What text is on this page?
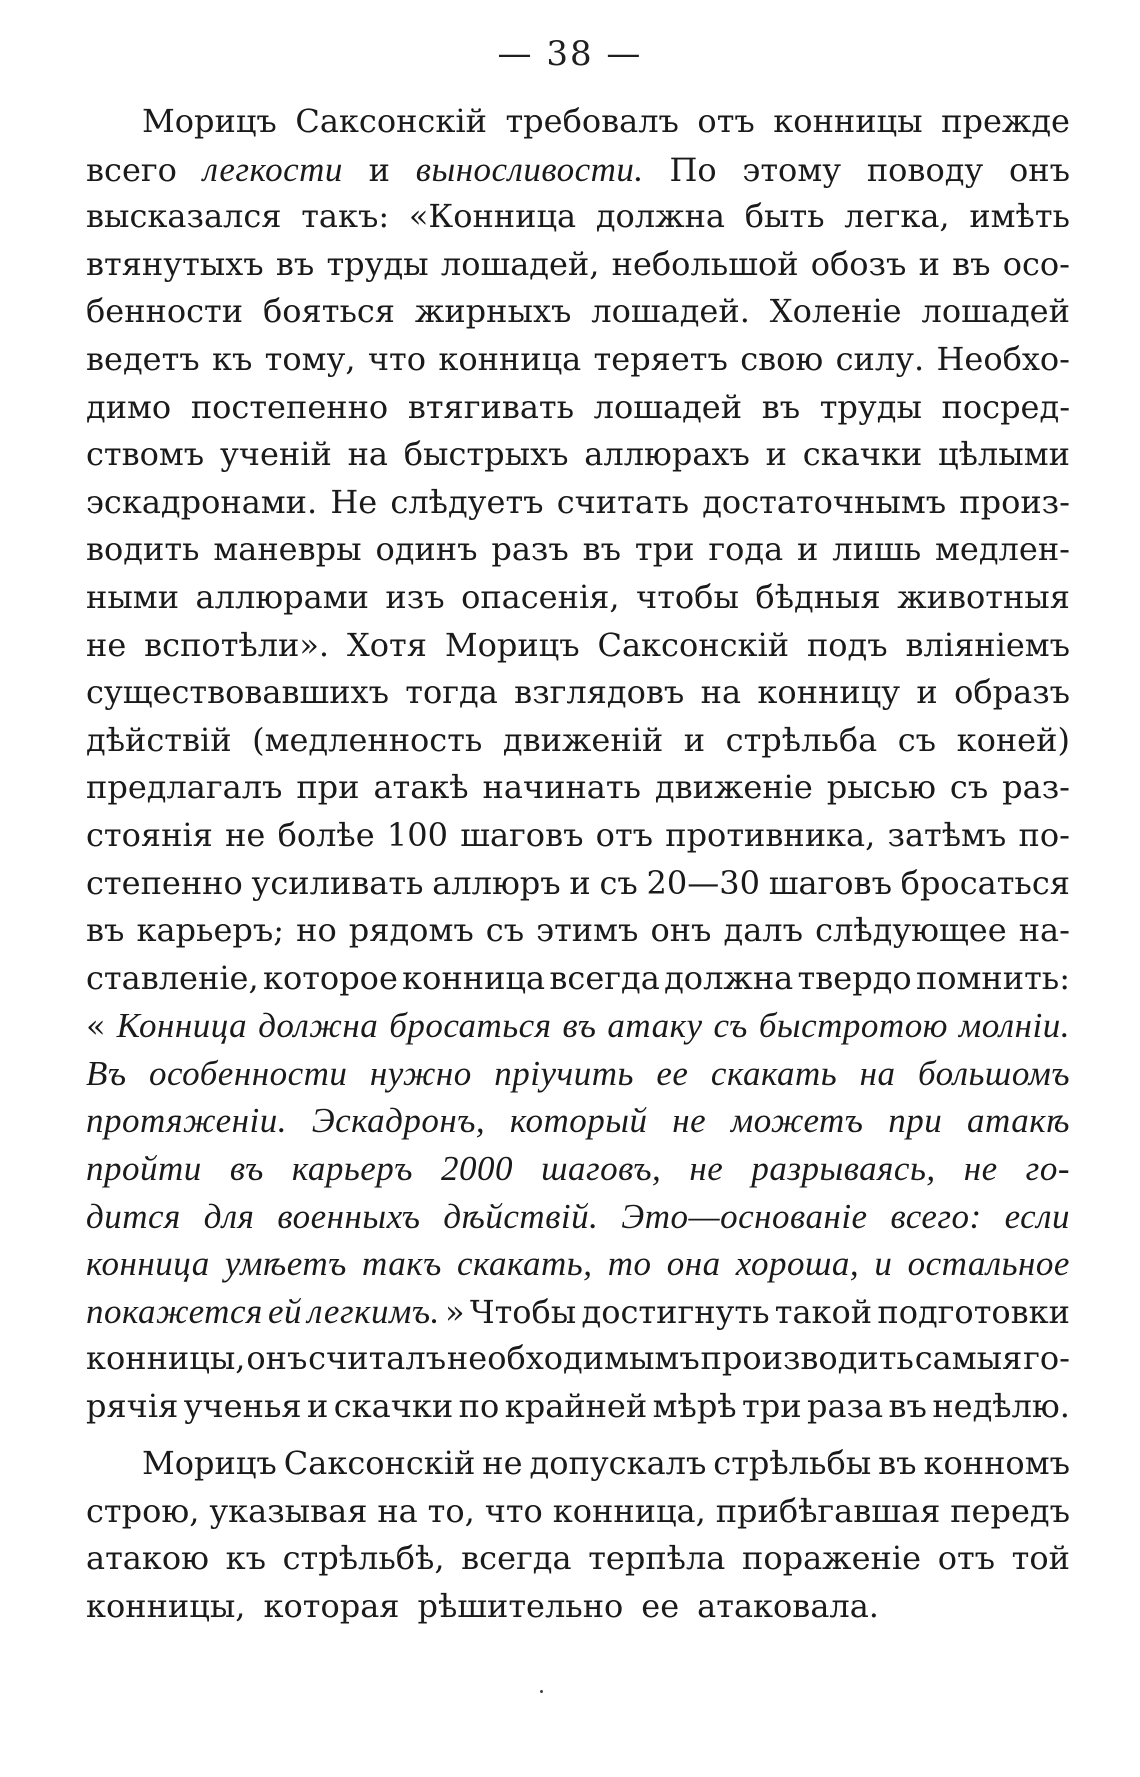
— 38 —
Морицъ Саксонскій требовалъ отъ конницы прежде
всего легкости и выносливости. По этому поводу онъ
высказался такъ: «Конница должна быть легка, имѣть
втянутыхъ въ труды лошадей, небольшой обозъ и въ осо-
бенности бояться жирныхъ лошадей. Холеніе лошадей
ведетъ къ тому, что конница теряетъ свою силу. Необхо-
димо постепенно втягивать лошадей въ труды посред-
ствомъ ученій на быстрыхъ аллюрахъ и скачки цѣлыми
эскадронами. Не слѣдуетъ считать достаточнымъ произ-
водить маневры одинъ разъ въ три года и лишь медлен-
ными аллюрами изъ опасенія, чтобы бѣдныя животныя
не вспотѣли». Хотя Морицъ Саксонскій подъ вліяніемъ
существовавшихъ тогда взглядовъ на конницу и образъ
дѣйствій (медленность движеній и стрѣльба съ коней)
предлагалъ при атакѣ начинать движеніе рысью съ раз-
стоянія не болѣе 100 шаговъ отъ противника, затѣмъ по-
степенно усиливать аллюръ и съ 20—30 шаговъ бросаться
въ карьеръ; но рядомъ съ этимъ онъ далъ слѣдующее на-
ставленіе, которое конница всегда должна твердо помнить:
« Конница должна бросаться въ атаку съ быстротою молніи.
Въ особенности нужно пріучить ее скакать на большомъ
протяженіи. Эскадронъ, который не можетъ при атакѣ
пройти въ карьеръ 2000 шаговъ, не разрываясь, не го-
дится для военныхъ дѣйствій. Это—основаніе всего: если
конница умѣетъ такъ скакать, то она хороша, и остальное
покажется ей легкимъ. » Чтобы достигнуть такой подготовки
конницы, онъ считалъ необходимымъ производить самыя го-
рячія ученья и скачки по крайней мѣрѣ три раза въ недѣлю.
Морицъ Саксонскій не допускалъ стрѣльбы въ конномъ
строю, указывая на то, что конница, прибѣгавшая передъ
атакою къ стрѣльбѣ, всегда терпѣла пораженіе отъ той
конницы, которая рѣшительно ее атаковала.
